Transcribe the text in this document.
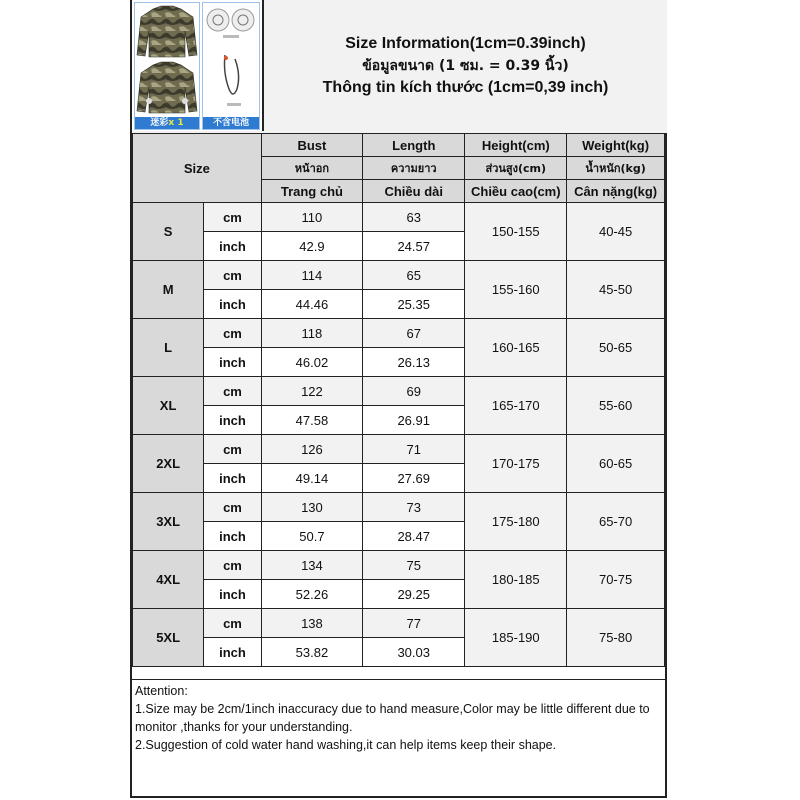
迷彩x 1	不含电池
Size Information(1cm=0.39inch)
ข้อมูลขนาด (1 ซม. = 0.39 นิ้ว)
Thông tin kích thước (1cm=0,39 inch)
Size		Bust	Length	Height(cm)	Weight(kg)
		หน้าอก	ความยาว	ส่วนสูง(cm)	น้ำหนัก(kg)
		Trang chủ	Chiều dài	Chiều cao(cm)	Cân nặng(kg)
S	cm	110	63	150-155	40-45
	inch	42.9	24.57		
M	cm	114	65	155-160	45-50
	inch	44.46	25.35		
L	cm	118	67	160-165	50-65
	inch	46.02	26.13		
XL	cm	122	69	165-170	55-60
	inch	47.58	26.91		
2XL	cm	126	71	170-175	60-65
	inch	49.14	27.69		
3XL	cm	130	73	175-180	65-70
	inch	50.7	28.47		
4XL	cm	134	75	180-185	70-75
	inch	52.26	29.25		
5XL	cm	138	77	185-190	75-80
	inch	53.82	30.03		
Attention:
1.Size may be 2cm/1inch inaccuracy due to hand measure,Color may be little different due to monitor ,thanks for your understanding.
2.Suggestion of cold water hand washing,it can help items keep their shape.
